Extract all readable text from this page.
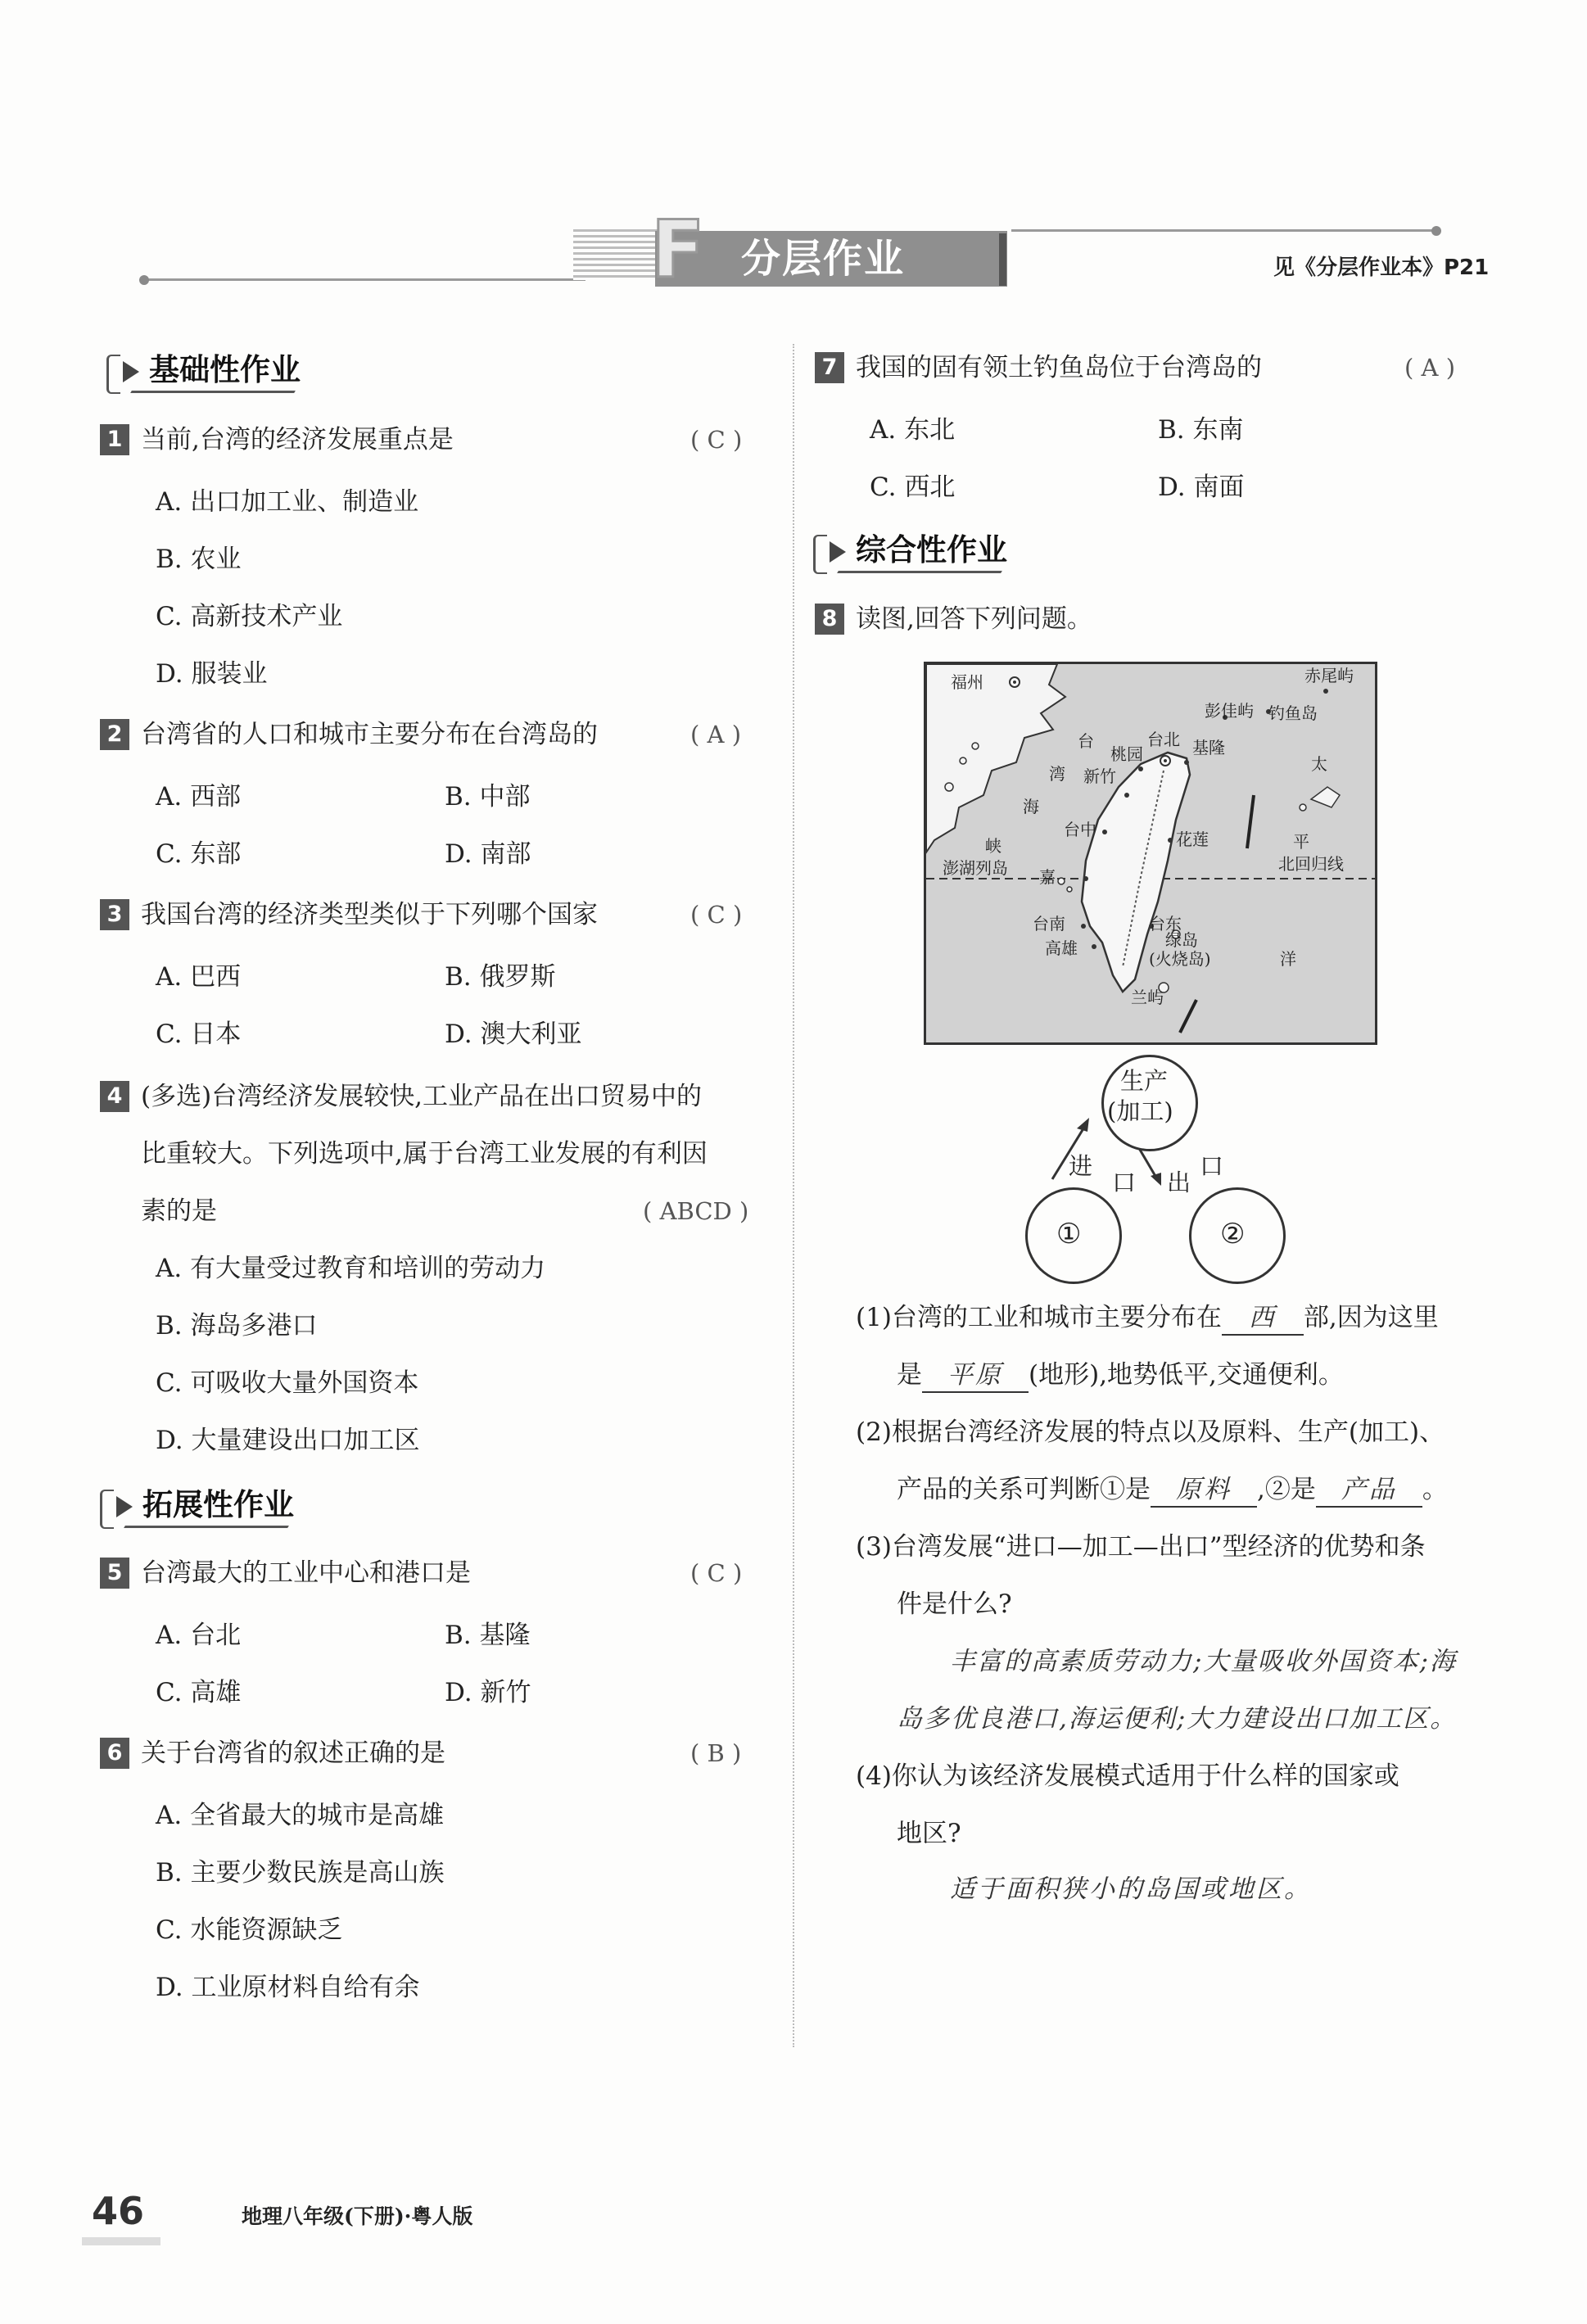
F 分层作业	见《分层作业本》P21
基础性作业
1 当前,台湾的经济发展重点是	( C )
A. 出口加工业、制造业
B. 农业
C. 高新技术产业
D. 服装业
2 台湾省的人口和城市主要分布在台湾岛的	( A )
A. 西部	B. 中部
C. 东部	D. 南部
3 我国台湾的经济类型类似于下列哪个国家	( C )
A. 巴西	B. 俄罗斯
C. 日本	D. 澳大利亚
4 (多选)台湾经济发展较快,工业产品在出口贸易中的
比重较大。下列选项中,属于台湾工业发展的有利因
素的是	( ABCD )
A. 有大量受过教育和培训的劳动力
B. 海岛多港口
C. 可吸收大量外国资本
D. 大量建设出口加工区
拓展性作业
5 台湾最大的工业中心和港口是	( C )
A. 台北	B. 基隆
C. 高雄	D. 新竹
6 关于台湾省的叙述正确的是	( B )
A. 全省最大的城市是高雄
B. 主要少数民族是高山族
C. 水能资源缺乏
D. 工业原材料自给有余
7 我国的固有领土钓鱼岛位于台湾岛的	( A )
A. 东北	B. 东南
C. 西北	D. 南面
综合性作业
8 读图,回答下列问题。
福州	赤尾屿
彭佳屿 钓鱼岛
台
湾
海
峡
台北
桃园	基隆
新竹
台中	花莲
澎湖列岛 嘉
台南
高雄
台东
绿岛
(火烧岛)
兰屿
太
平
北回归线
洋
生产
(加工)
进
口 出
口
①	②
(1)台湾的工业和城市主要分布在 西 部,因为这里
是 平原 (地形),地势低平,交通便利。
(2)根据台湾经济发展的特点以及原料、生产(加工)、
产品的关系可判断①是 原料 ,②是 产品 。
(3)台湾发展“进口—加工—出口”型经济的优势和条
件是什么?
丰富的高素质劳动力;大量吸收外国资本;海
岛多优良港口,海运便利;大力建设出口加工区。
(4)你认为该经济发展模式适用于什么样的国家或
地区?
适于面积狭小的岛国或地区。
46	地理八年级(下册)·粤人版
